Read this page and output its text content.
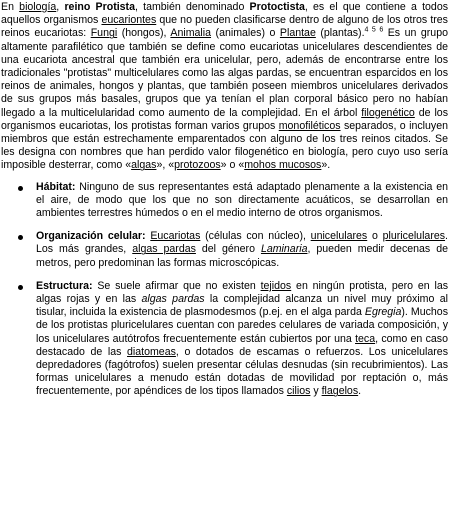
En biología, reino Protista, también denominado Protoctista, es el que contiene a todos aquellos organismos eucariontes que no pueden clasificarse dentro de alguno de los otros tres reinos eucariotas: Fungi (hongos), Animalia (animales) o Plantae (plantas).$^{4 5 6}$ Es un grupo altamente parafilético que también se define como eucariotas unicelulares descendientes de una eucariota ancestral que también era unicelular, pero, además de encontrarse entre los tradicionales "protistas" multicelulares como las algas pardas, se encuentran esparcidos en los reinos de animales, hongos y plantas, que también poseen miembros unicelulares derivados de sus grupos más basales, grupos que ya tenían el plan corporal básico pero no habían llegado a la multicelularidad como aumento de la complejidad. En el árbol filogenético de los organismos eucariotas, los protistas forman varios grupos monofiléticos separados, o incluyen miembros que están estrechamente emparentados con alguno de los tres reinos citados. Se les designa con nombres que han perdido valor filogenético en biología, pero cuyo uso sería imposible desterrar, como «algas», «protozoos» o «mohos mucosos».

Hábitat: Ninguno de sus representantes está adaptado plenamente a la existencia en el aire, de modo que los que no son directamente acuáticos, se desarrollan en ambientes terrestres húmedos o en el medio interno de otros organismos.
Organización celular: Eucariotas (células con núcleo), unicelulares o pluricelulares. Los más grandes, algas pardas del género Laminaria, pueden medir decenas de metros, pero predominan las formas microscópicas.
Estructura: Se suele afirmar que no existen tejidos en ningún protista, pero en las algas rojas y en las algas pardas la complejidad alcanza un nivel muy próximo al tisular, incluida la existencia de plasmodesmos (p.ej. en el alga parda Egregia). Muchos de los protistas pluricelulares cuentan con paredes celulares de variada composición, y los unicelulares autótrofos frecuentemente están cubiertos por una teca, como en caso destacado de las diatomeas, o dotados de escamas o refuerzos. Los unicelulares depredadores (fagótrofos) suelen presentar células desnudas (sin recubrimientos). Las formas unicelulares a menudo están dotadas de movilidad por reptación o, más frecuentemente, por apéndices de los tipos llamados cilios y flagelos.
